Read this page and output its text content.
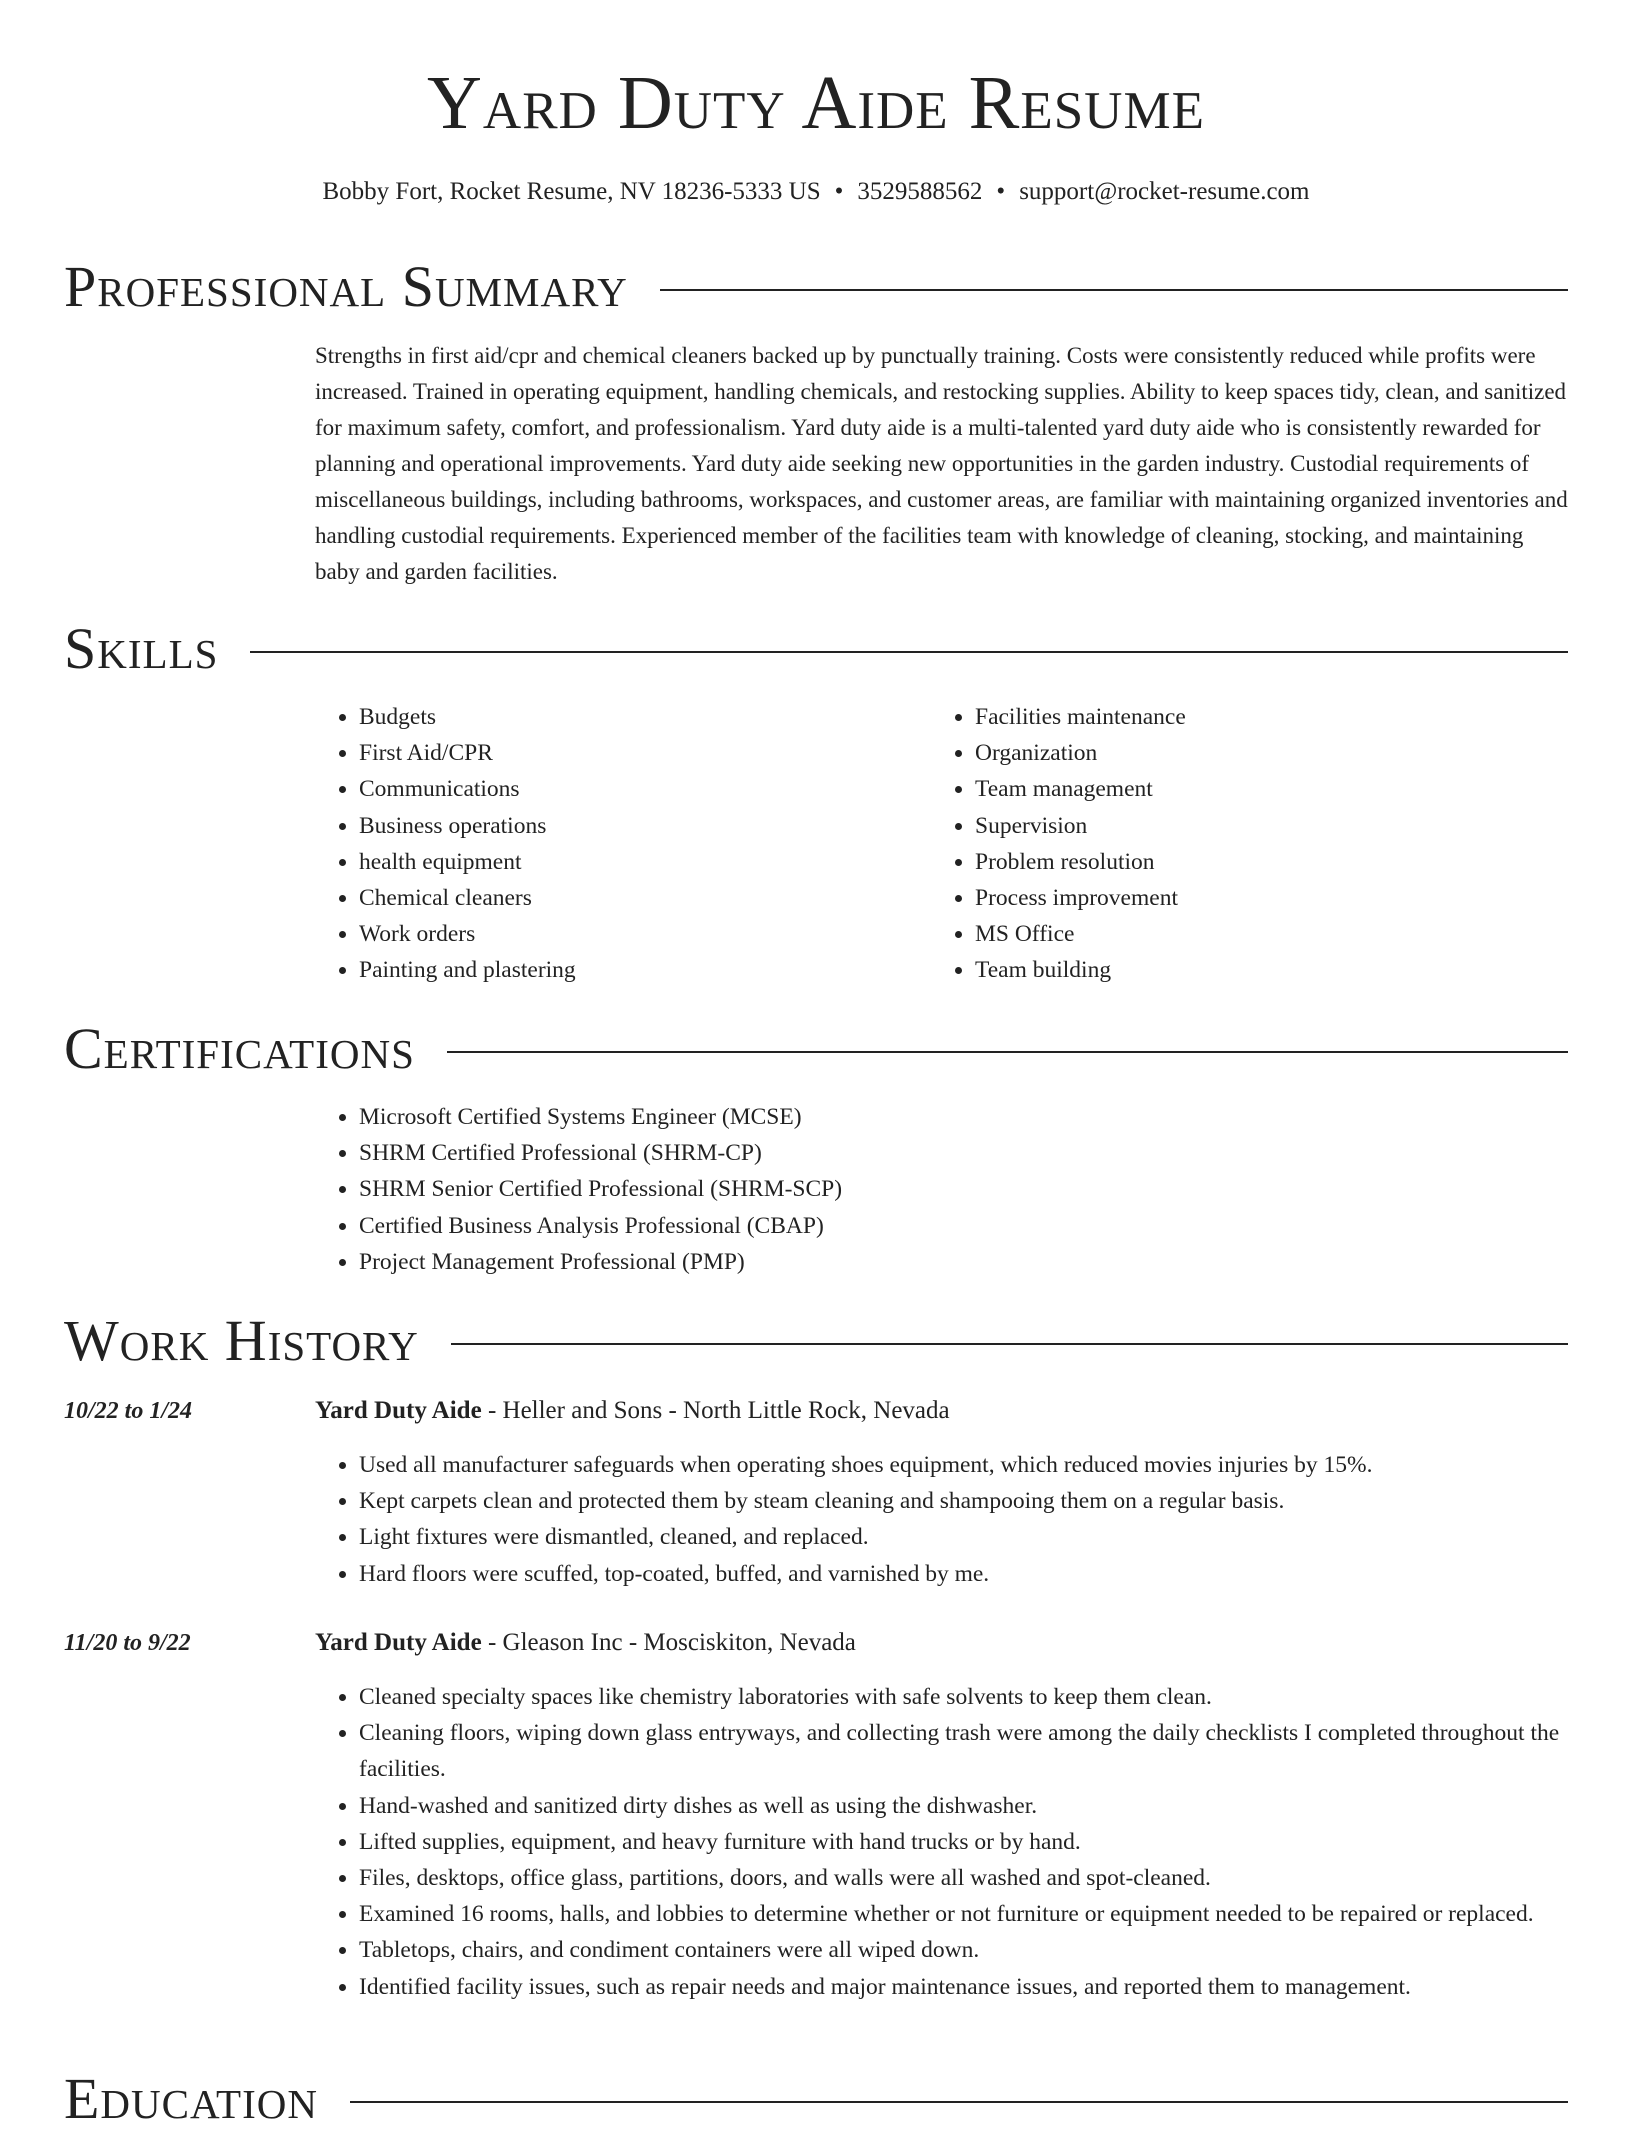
Yard Duty Aide Resume
Bobby Fort, Rocket Resume, NV 18236-5333 US • 3529588562 • support@rocket-resume.com
Professional Summary
Strengths in first aid/cpr and chemical cleaners backed up by punctually training. Costs were consistently reduced while profits were increased. Trained in operating equipment, handling chemicals, and restocking supplies. Ability to keep spaces tidy, clean, and sanitized for maximum safety, comfort, and professionalism. Yard duty aide is a multi-talented yard duty aide who is consistently rewarded for planning and operational improvements. Yard duty aide seeking new opportunities in the garden industry. Custodial requirements of miscellaneous buildings, including bathrooms, workspaces, and customer areas, are familiar with maintaining organized inventories and handling custodial requirements. Experienced member of the facilities team with knowledge of cleaning, stocking, and maintaining baby and garden facilities.
Skills
• Budgets
• First Aid/CPR
• Communications
• Business operations
• health equipment
• Chemical cleaners
• Work orders
• Painting and plastering
• Facilities maintenance
• Organization
• Team management
• Supervision
• Problem resolution
• Process improvement
• MS Office
• Team building
Certifications
• Microsoft Certified Systems Engineer (MCSE)
• SHRM Certified Professional (SHRM-CP)
• SHRM Senior Certified Professional (SHRM-SCP)
• Certified Business Analysis Professional (CBAP)
• Project Management Professional (PMP)
Work History
10/22 to 1/24	Yard Duty Aide - Heller and Sons - North Little Rock, Nevada
• Used all manufacturer safeguards when operating shoes equipment, which reduced movies injuries by 15%.
• Kept carpets clean and protected them by steam cleaning and shampooing them on a regular basis.
• Light fixtures were dismantled, cleaned, and replaced.
• Hard floors were scuffed, top-coated, buffed, and varnished by me.
11/20 to 9/22	Yard Duty Aide - Gleason Inc - Mosciskiton, Nevada
• Cleaned specialty spaces like chemistry laboratories with safe solvents to keep them clean.
• Cleaning floors, wiping down glass entryways, and collecting trash were among the daily checklists I completed throughout the facilities.
• Hand-washed and sanitized dirty dishes as well as using the dishwasher.
• Lifted supplies, equipment, and heavy furniture with hand trucks or by hand.
• Files, desktops, office glass, partitions, doors, and walls were all washed and spot-cleaned.
• Examined 16 rooms, halls, and lobbies to determine whether or not furniture or equipment needed to be repaired or replaced.
• Tabletops, chairs, and condiment containers were all wiped down.
• Identified facility issues, such as repair needs and major maintenance issues, and reported them to management.
Education
